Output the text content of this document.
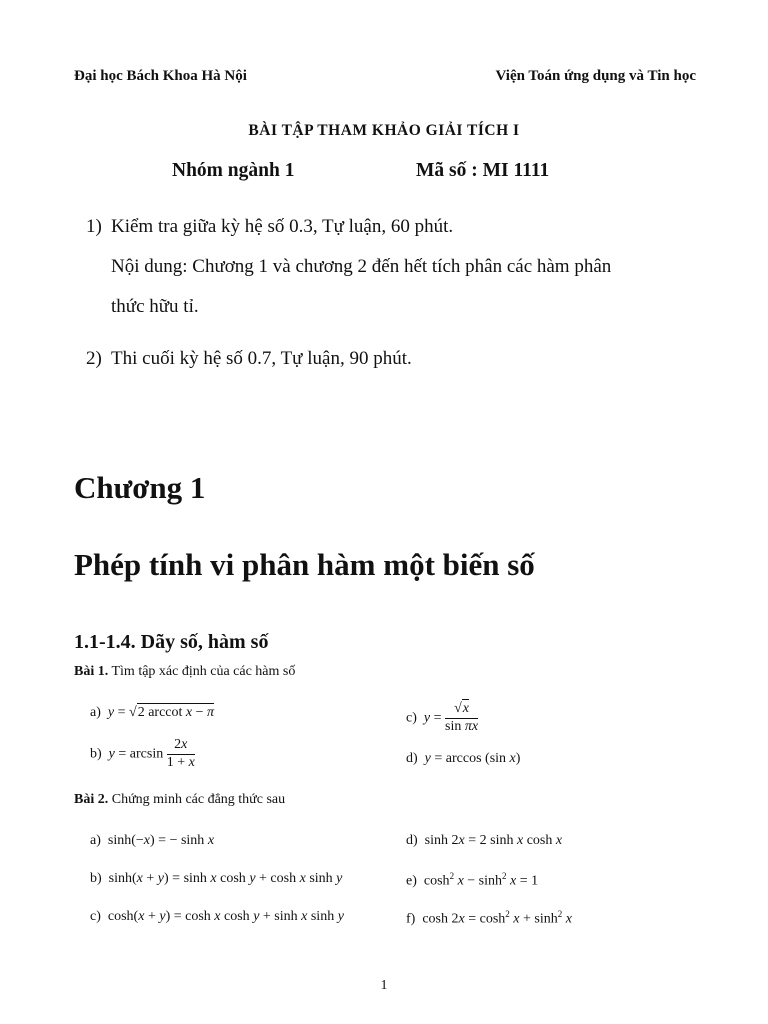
Đại học Bách Khoa Hà Nội	Viện Toán ứng dụng và Tin học
BÀI TẬP THAM KHẢO GIẢI TÍCH I
Nhóm ngành 1	Mã số : MI 1111
1) Kiểm tra giữa kỳ hệ số 0.3, Tự luận, 60 phút.
Nội dung: Chương 1 và chương 2 đến hết tích phân các hàm phân
thức hữu tỉ.
2) Thi cuối kỳ hệ số 0.7, Tự luận, 90 phút.
Chương 1
Phép tính vi phân hàm một biến số
1.1-1.4. Dãy số, hàm số
Bài 1. Tìm tập xác định của các hàm số
a) y = √2 arccot x − π	c) $y = \frac{√x}{\text{sin πx}}$
b) $y = \arcsin \frac{2x}{1 + x}$	d) y = arccos (sin x)
Bài 2. Chứng minh các đẳng thức sau
a)  sinh(−x) = − sinh x	d)  sinh 2x = 2 sinh x cosh x
b)  sinh(x + y) = sinh x cosh y + cosh x sinh y	e)  $\cosh^2 x - \sinh^2 x = 1$
c)  cosh(x + y) = cosh x cosh y + sinh x sinh y	f)  $\cosh 2x = \cosh^2 x + \sinh^2 x$
1
